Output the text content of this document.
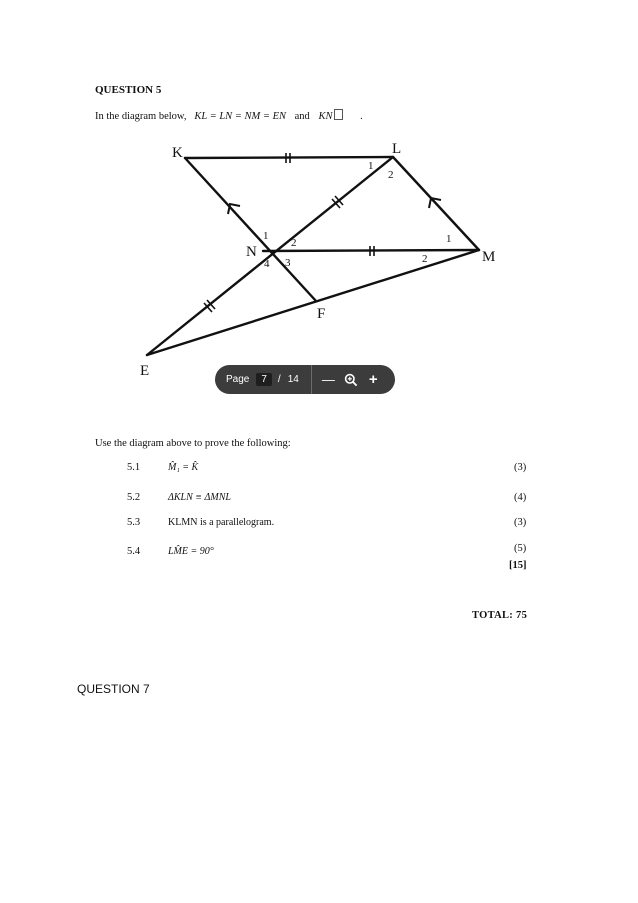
QUESTION 5
In the diagram below, KL = LN = NM = EN and KN	.
K	L
M
N
E
F
1
2
1
2
1
2
3
4
Page	7	/ 14 — +
Use the diagram above to prove the following:
5.1	M̂₁ = K̂	(3)
5.2	ΔKLN ≡ ΔMNL	(4)
5.3	KLMN is a parallelogram.	(3)
5.4	LM̂E = 90°	(5)
[15]
TOTAL: 75
QUESTION 7
